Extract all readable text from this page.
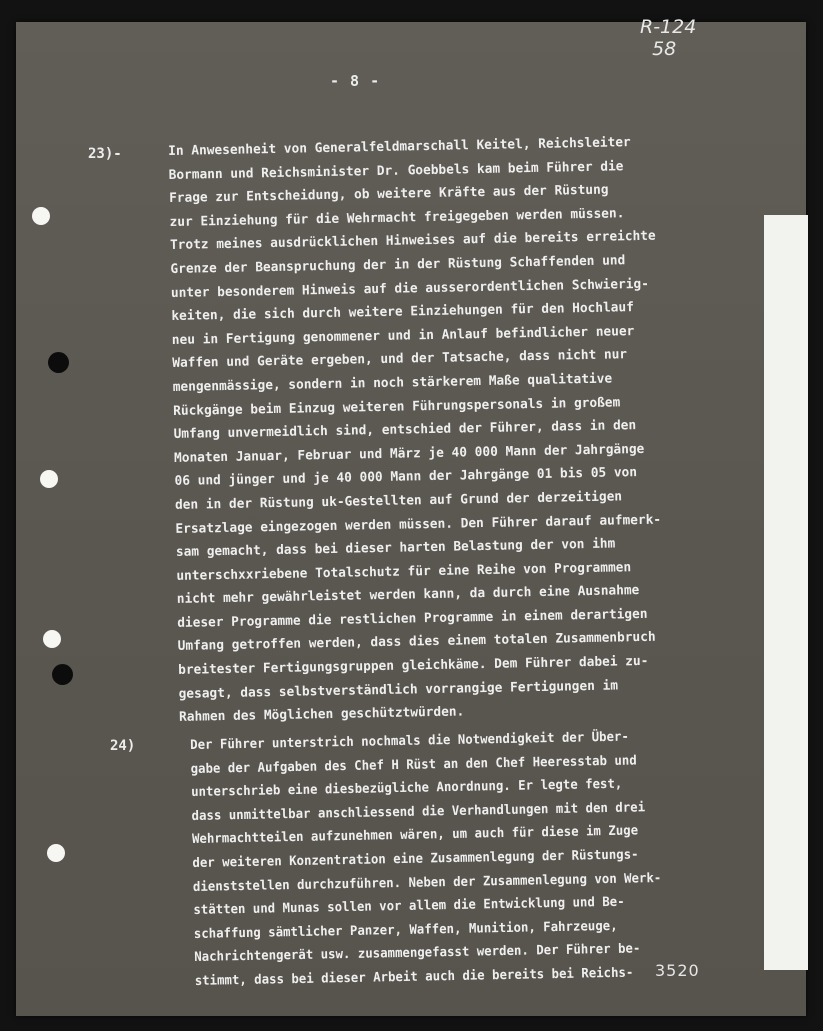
R-124
58
- 8 -
23)-	In Anwesenheit von Generalfeldmarschall Keitel, Reichsleiter
Bormann und Reichsminister Dr. Goebbels kam beim Führer die
Frage zur Entscheidung, ob weitere Kräfte aus der Rüstung
zur Einziehung für die Wehrmacht freigegeben werden müssen.
Trotz meines ausdrücklichen Hinweises auf die bereits erreichte
Grenze der Beanspruchung der in der Rüstung Schaffenden und
unter besonderem Hinweis auf die ausserordentlichen Schwierig-
keiten, die sich durch weitere Einziehungen für den Hochlauf
neu in Fertigung genommener und in Anlauf befindlicher neuer
Waffen und Geräte ergeben, und der Tatsache, dass nicht nur
mengenmässige, sondern in noch stärkerem Maße qualitative
Rückgänge beim Einzug weiteren Führungspersonals in großem
Umfang unvermeidlich sind, entschied der Führer, dass in den
Monaten Januar, Februar und März je 40 000 Mann der Jahrgänge
06 und jünger und je 40 000 Mann der Jahrgänge 01 bis 05 von
den in der Rüstung uk-Gestellten auf Grund der derzeitigen
Ersatzlage eingezogen werden müssen. Den Führer darauf aufmerk-
sam gemacht, dass bei dieser harten Belastung der von ihm
unterschxxriebene Totalschutz für eine Reihe von Programmen
nicht mehr gewährleistet werden kann, da durch eine Ausnahme
dieser Programme die restlichen Programme in einem derartigen
Umfang getroffen werden, dass dies einem totalen Zusammenbruch
breitester Fertigungsgruppen gleichkäme. Dem Führer dabei zu-
gesagt, dass selbstverständlich vorrangige Fertigungen im
Rahmen des Möglichen geschütztwürden.
24)	Der Führer unterstrich nochmals die Notwendigkeit der Über-
gabe der Aufgaben des Chef H Rüst an den Chef Heeresstab und
unterschrieb eine diesbezügliche Anordnung. Er legte fest,
dass unmittelbar anschliessend die Verhandlungen mit den drei
Wehrmachtteilen aufzunehmen wären, um auch für diese im Zuge
der weiteren Konzentration eine Zusammenlegung der Rüstungs-
dienststellen durchzuführen. Neben der Zusammenlegung von Werk-
stätten und Munas sollen vor allem die Entwicklung und Be-
schaffung sämtlicher Panzer, Waffen, Munition, Fahrzeuge,
Nachrichtengerät usw. zusammengefasst werden. Der Führer be-
stimmt, dass bei dieser Arbeit auch die bereits bei Reichs-	3520
